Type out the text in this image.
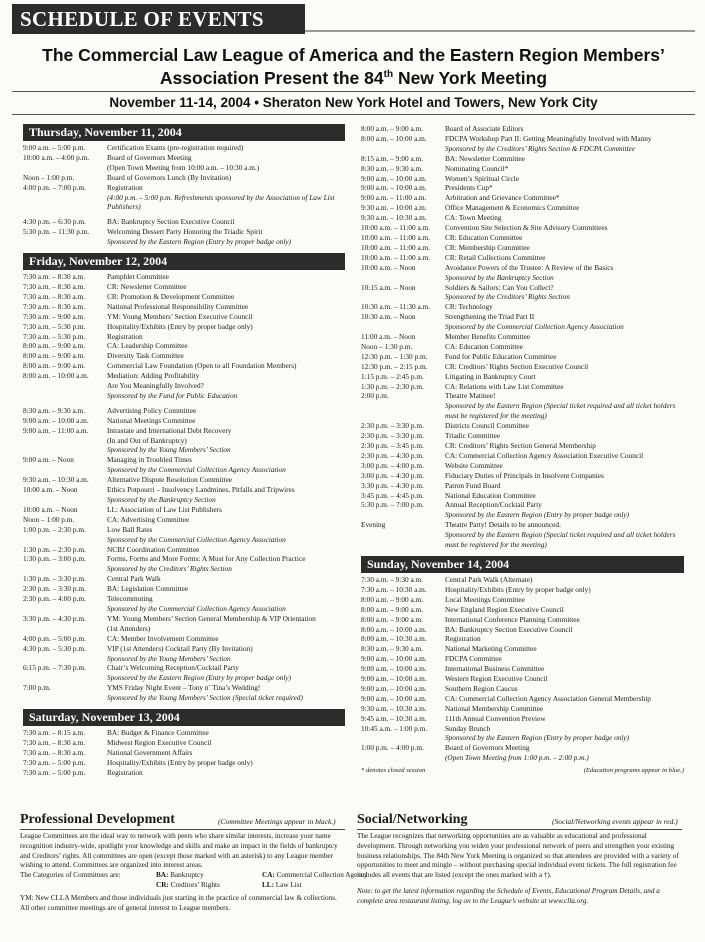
SCHEDULE OF EVENTS
The Commercial Law League of America and the Eastern Region Members’
Association Present the 84th New York Meeting
November 11-14, 2004 • Sheraton New York Hotel and Towers, New York City
Thursday, November 11, 2004
9:00 a.m. – 5:00 p.m.	Certification Exams (pre-registration required)
10:00 a.m. – 4:00 p.m.	Board of Governors Meeting
(Open Town Meeting from 10:00 a.m. – 10:30 a.m.)
Noon – 1:00 p.m.	Board of Governors Lunch (By Invitation)
4:00 p.m. – 7:00 p.m.	Registration
(4:00 p.m. – 5:00 p.m. Refreshments sponsored by the Association of Law List Publishers)
4:30 p.m. – 6:30 p.m.	BA: Bankruptcy Section Executive Council
5:30 p.m. – 11:30 p.m.	Welcoming Dessert Party Honoring the Triadic Spirit
Sponsored by the Eastern Region (Entry by proper badge only)
Friday, November 12, 2004
7:30 a.m. – 8:30 a.m.	Pamphlet Committee
7:30 a.m. – 8:30 a.m.	CR: Newsletter Committee
7:30 a.m. – 8:30 a.m.	CR: Promotion & Development Committee
7:30 a.m. – 8:30 a.m.	National Professional Responsibility Committee
7:30 a.m. – 9:00 a.m.	YM: Young Members’ Section Executive Council
7:30 a.m. – 5:30 p.m.	Hospitality/Exhibits (Entry by proper badge only)
7:30 a.m. – 5:30 p.m.	Registration
8:00 a.m. – 9:00 a.m.	CA: Leadership Committee
8:00 a.m. – 9:00 a.m.	Diversity Task Committee
8:00 a.m. – 9:00 a.m.	Commercial Law Foundation (Open to all Foundation Members)
8:00 a.m. – 10:00 a.m.	Mediation: Adding Profitability
Are You Meaningfully Involved?
Sponsored by the Fund for Public Education
8:30 a.m. – 9:30 a.m.	Advertising Policy Committee
9:00 a.m. – 10:00 a.m.	National Meetings Committee
9:00 a.m. – 11:00 a.m.	Intrastate and International Debt Recovery
(In and Out of Bankruptcy)
Sponsored by the Young Members’ Section
9:00 a.m. – Noon	Managing in Troubled Times
Sponsored by the Commercial Collection Agency Association
9:30 a.m. – 10:30 a.m.	Alternative Dispute Resolution Committee
10:00 a.m. – Noon	Ethics Potpourri – Insolvency Landmines, Pitfalls and Tripwires
Sponsored by the Bankruptcy Section
10:00 a.m. – Noon	LL: Association of Law List Publishers
Noon – 1:00 p.m.	CA: Advertising Committee
1:00 p.m. – 2:30 p.m.	Low Ball Rates
Sponsored by the Commercial Collection Agency Association
1:30 p.m. – 2:30 p.m.	NCBJ Coordination Committee
1:30 p.m. – 3:00 p.m.	Forms, Forms and More Forms: A Must for Any Collection Practice
Sponsored by the Creditors’ Rights Section
1:30 p.m. – 3:30 p.m.	Central Park Walk
2:30 p.m. – 3:30 p.m.	BA: Legislation Committee
2:30 p.m. – 4:00 p.m.	Telecommuting
Sponsored by the Commercial Collection Agency Association
3:30 p.m. – 4:30 p.m.	YM: Young Members’ Section General Membership & VIP Orientation
(1st Attenders)
4:00 p.m. – 5:00 p.m.	CA: Member Involvement Committee
4:30 p.m. – 5:30 p.m.	VIP (1st Attenders) Cocktail Party (By Invitation)
Sponsored by the Young Members’ Section
6:15 p.m. – 7:30 p.m.	Chair’s Welcoming Reception/Cocktail Party
Sponsored by the Eastern Region (Entry by proper badge only)
7:00 p.m.	YMS Friday Night Event – Tony n’ Tina’s Wedding!
Sponsored by the Young Members’ Section (Special ticket required)
Saturday, November 13, 2004
7:30 a.m. – 8:15 a.m.	BA: Budget & Finance Committee
7:30 a.m. – 8:30 a.m.	Midwest Region Executive Council
7:30 a.m. – 8:30 a.m.	National Government Affairs
7:30 a.m. – 5:00 p.m.	Hospitality/Exhibits (Entry by proper badge only)
7:30 a.m. – 5:00 p.m.	Registration
8:00 a.m. – 9:00 a.m.	Board of Associate Editors
8:00 a.m. – 10:00 a.m.	FDCPA Workshop Part II: Getting Meaningfully Involved with Manny
Sponsored by the Creditors’ Rights Section & FDCPA Committee
8:15 a.m. – 9:00 a.m.	BA: Newsletter Committee
8:30 a.m. – 9:30 a.m.	Nominating Council*
9:00 a.m. – 10:00 a.m.	Women’s Spiritual Circle
9:00 a.m. – 10:00 a.m.	Presidents Cup*
9:00 a.m. – 11:00 a.m.	Arbitration and Grievance Committee*
9:30 a.m. – 10:00 a.m.	Office Management & Economics Committee
9:30 a.m. – 10:30 a.m.	CA: Town Meeting
10:00 a.m. – 11:00 a.m.	Convention Site Selection & Site Advisory Committees
10:00 a.m. – 11:00 a.m.	CR: Education Committee
10:00 a.m. – 11:00 a.m.	CR: Membership Committee
10:00 a.m. – 11:00 a.m.	CR: Retail Collections Committee
10:00 a.m. – Noon	Avoidance Powers of the Trustee: A Review of the Basics
Sponsored by the Bankruptcy Section
10:15 a.m. – Noon	Soldiers & Sailors: Can You Collect?
Sponsored by the Creditors’ Rights Section
10:30 a.m. – 11:30 a.m.	CR: Technology
10:30 a.m. – Noon	Strengthening the Triad Part II
Sponsored by the Commercial Collection Agency Association
11:00 a.m. – Noon	Member Benefits Committee
Noon – 1:30 p.m.	CA: Education Committee
12:30 p.m. – 1:30 p.m.	Fund for Public Education Committee
12:30 p.m. – 2:15 p.m.	CR: Creditors’ Rights Section Executive Council
1:15 p.m. – 2:45 p.m.	Litigating in Bankruptcy Court
1:30 p.m. – 2:30 p.m.	CA: Relations with Law List Committee
2:00 p.m.	Theatre Matinee!
Sponsored by the Eastern Region (Special ticket required and all ticket holders must be registered for the meeting)
2:30 p.m. – 3:30 p.m.	Districts Council Committee
2:30 p.m. – 3:30 p.m.	Triadic Committee
2:30 p.m. – 3:45 p.m.	CR: Creditors’ Rights Section General Membership
2:30 p.m. – 4:30 p.m.	CA: Commercial Collection Agency Association Executive Council
3:00 p.m. – 4:00 p.m.	Website Committee
3:00 p.m. – 4:30 p.m.	Fiduciary Duties of Principals in Insolvent Companies
3:30 p.m. – 4:30 p.m.	Patron Fund Board
3:45 p.m. – 4:45 p.m.	National Education Committee
5:30 p.m. – 7:00 p.m.	Annual Reception/Cocktail Party
Sponsored by the Eastern Region (Entry by proper badge only)
Evening	Theatre Party! Details to be announced.
Sponsored by the Eastern Region (Special ticket required and all ticket holders must be registered for the meeting)
Sunday, November 14, 2004
7:30 a.m. – 9:30 a.m.	Central Park Walk (Alternate)
7:30 a.m. – 10:30 a.m.	Hospitality/Exhibits (Entry by proper badge only)
8:00 a.m. – 9:00 a.m.	Local Meetings Committee
8:00 a.m. – 9:00 a.m.	New England Region Executive Council
8:00 a.m. – 9:00 a.m.	International Conference Planning Committee
8:00 a.m. – 10:00 a.m.	BA: Bankruptcy Section Executive Council
8:00 a.m. – 10:30 a.m.	Registration
8:30 a.m. – 9:30 a.m.	National Marketing Committee
9:00 a.m. – 10:00 a.m.	FDCPA Committee
9:00 a.m. – 10:00 a.m.	International Business Committee
9:00 a.m. – 10:00 a.m.	Western Region Executive Council
9:00 a.m. – 10:00 a.m.	Southern Region Caucus
9:00 a.m. – 10:00 a.m.	CA: Commercial Collection Agency Association General Membership
9:30 a.m. – 10:30 a.m.	National Membership Committee
9:45 a.m. – 10:30 a.m.	111th Annual Convention Preview
10:45 a.m. – 1:00 p.m.	Sunday Brunch
Sponsored by the Eastern Region (Entry by proper badge only)
1:00 p.m. – 4:00 p.m.	Board of Governors Meeting
(Open Town Meeting from 1:00 p.m. – 2:00 p.m.)
* denotes closed session	(Education programs appear in blue.)
Professional Development	(Committee Meetings appear in black.)
League Committees are the ideal way to network with peers who share similar interests, increase your name recognition industry-wide, spotlight your knowledge and skills and make an impact in the fields of bankruptcy and Creditors’ rights. All committees are open (except those marked with an asterisk) to any League member wishing to attend. Committees are organized into interest areas.
The Categories of Committees are:	BA: Bankruptcy	CA: Commercial Collection Agency
CR: Creditors’ Rights	LL: Law List
YM: New CLLA Members and those individuals just starting in the practice of commercial law & collections. All other committee meetings are of general interest to League members.
Social/Networking	(Social/Networking events appear in red.)
The League recognizes that networking opportunities are as valuable as educational and professional development. Through networking you widen your professional network of peers and strengthen your existing business relationships. The 84th New York Meeting is organized so that attendees are provided with a variety of opportunities to meet and mingle – without purchasing special individual event tickets. The full registration fee includes all events that are listed (except the ones marked with a †).
Note: to get the latest information regarding the Schedule of Events, Educational Program Details, and a complete area restaurant listing, log on to the League’s website at www.clla.org.
